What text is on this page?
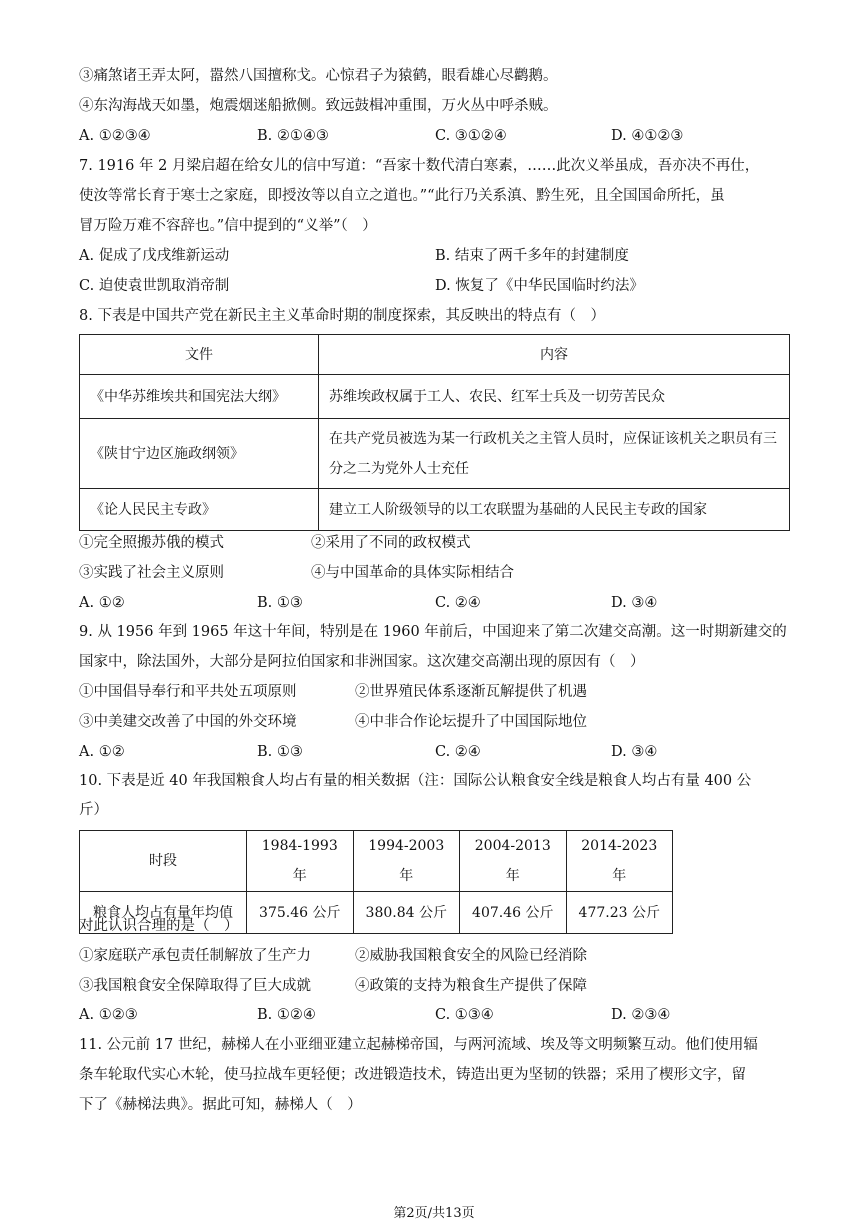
③痛煞诸王弄太阿，嚣然八国擅称戈。心惊君子为猿鹤，眼看雄心尽鹳鹅。
④东沟海战天如墨，炮震烟迷船掀侧。致远鼓楫冲重围，万火丛中呼杀贼。
A. ①②③④	B. ②①④③	C. ③①②④	D. ④①②③
7. 1916 年 2 月梁启超在给女儿的信中写道：“吾家十数代清白寒素，……此次义举虽成，吾亦决不再仕，
使汝等常长育于寒士之家庭，即授汝等以自立之道也。”“此行乃关系滇、黔生死，且全国国命所托，虽
冒万险万难不容辞也。”信中提到的“义举”（　）
A. 促成了戊戌维新运动	B. 结束了两千多年的封建制度
C. 迫使袁世凯取消帝制	D. 恢复了《中华民国临时约法》
8. 下表是中国共产党在新民主主义革命时期的制度探索，其反映出的特点有（　）
文件	内容
《中华苏维埃共和国宪法大纲》	苏维埃政权属于工人、农民、红军士兵及一切劳苦民众
《陕甘宁边区施政纲领》	在共产党员被选为某一行政机关之主管人员时，应保证该机关之职员有三分之二为党外人士充任
《论人民民主专政》	建立工人阶级领导的以工农联盟为基础的人民民主专政的国家
①完全照搬苏俄的模式	②采用了不同的政权模式
③实践了社会主义原则	④与中国革命的具体实际相结合
A. ①②	B. ①③	C. ②④	D. ③④
9. 从 1956 年到 1965 年这十年间，特别是在 1960 年前后，中国迎来了第二次建交高潮。这一时期新建交的
国家中，除法国外，大部分是阿拉伯国家和非洲国家。这次建交高潮出现的原因有（　）
①中国倡导奉行和平共处五项原则	②世界殖民体系逐渐瓦解提供了机遇
③中美建交改善了中国的外交环境	④中非合作论坛提升了中国国际地位
A. ①②	B. ①③	C. ②④	D. ③④
10. 下表是近 40 年我国粮食人均占有量的相关数据（注：国际公认粮食安全线是粮食人均占有量 400 公
斤）
时段	1984-1993 年	1994-2003 年	2004-2013 年	2014-2023 年
粮食人均占有量年均值	375.46 公斤	380.84 公斤	407.46 公斤	477.23 公斤
对此认识合理的是（　）
①家庭联产承包责任制解放了生产力	②威胁我国粮食安全的风险已经消除
③我国粮食安全保障取得了巨大成就	④政策的支持为粮食生产提供了保障
A. ①②③	B. ①②④	C. ①③④	D. ②③④
11. 公元前 17 世纪，赫梯人在小亚细亚建立起赫梯帝国，与两河流域、埃及等文明频繁互动。他们使用辐
条车轮取代实心木轮，使马拉战车更轻便；改进锻造技术，铸造出更为坚韧的铁器；采用了楔形文字，留
下了《赫梯法典》。据此可知，赫梯人（　）
第2页/共13页
